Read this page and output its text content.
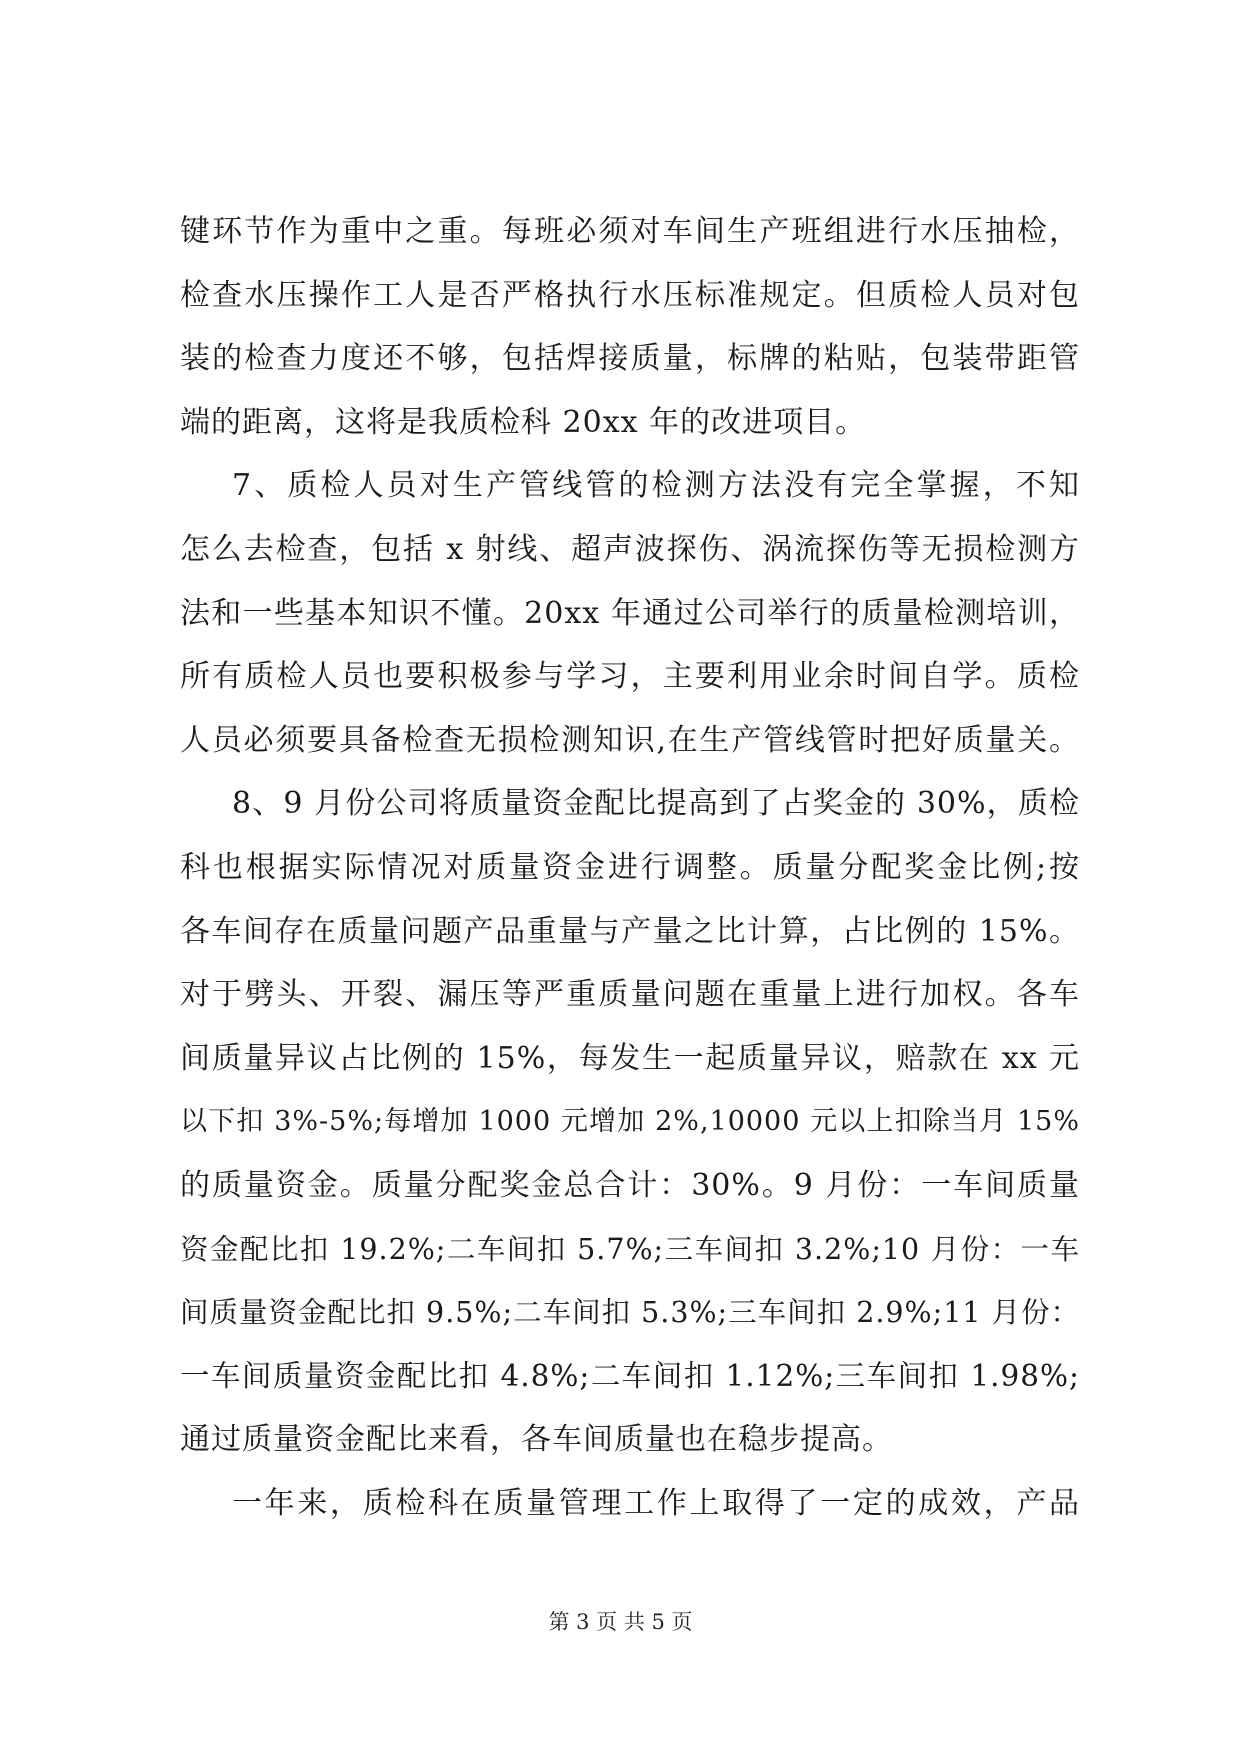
键环节作为重中之重。每班必须对车间生产班组进行水压抽检，
检查水压操作工人是否严格执行水压标准规定。但质检人员对包
装的检查力度还不够，包括焊接质量，标牌的粘贴，包装带距管
端的距离，这将是我质检科 20xx 年的改进项目。
7、质检人员对生产管线管的检测方法没有完全掌握，不知
怎么去检查，包括 x 射线、超声波探伤、涡流探伤等无损检测方
法和一些基本知识不懂。20xx 年通过公司举行的质量检测培训，
所有质检人员也要积极参与学习，主要利用业余时间自学。质检
人员必须要具备检查无损检测知识,在生产管线管时把好质量关。
8、9 月份公司将质量资金配比提高到了占奖金的 30%，质检
科也根据实际情况对质量资金进行调整。质量分配奖金比例;按
各车间存在质量问题产品重量与产量之比计算，占比例的 15%。
对于劈头、开裂、漏压等严重质量问题在重量上进行加权。各车
间质量异议占比例的 15%，每发生一起质量异议，赔款在 xx 元
以下扣 3%-5%;每增加 1000 元增加 2%,10000 元以上扣除当月 15%
的质量资金。质量分配奖金总合计：30%。9 月份：一车间质量
资金配比扣 19.2%;二车间扣 5.7%;三车间扣 3.2%;10 月份：一车
间质量资金配比扣 9.5%;二车间扣 5.3%;三车间扣 2.9%;11 月份：
一车间质量资金配比扣 4.8%;二车间扣 1.12%;三车间扣 1.98%;
通过质量资金配比来看，各车间质量也在稳步提高。
一年来，质检科在质量管理工作上取得了一定的成效，产品
第 3 页 共 5 页
